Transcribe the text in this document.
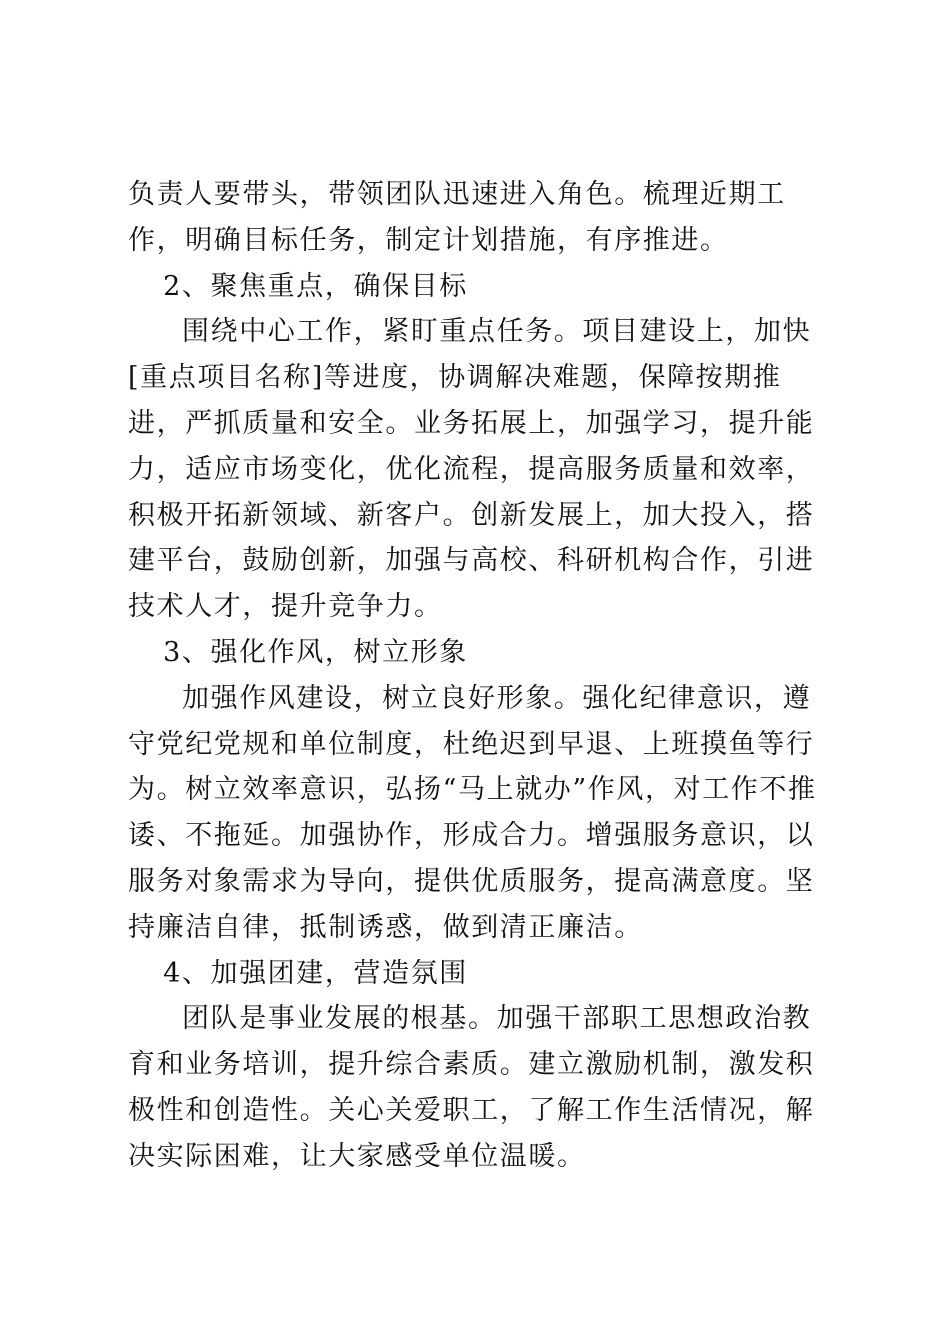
负责人要带头，带领团队迅速进入角色。梳理近期工作，明确目标任务，制定计划措施，有序推进。

2、聚焦重点，确保目标

围绕中心工作，紧盯重点任务。项目建设上，加快[重点项目名称]等进度，协调解决难题，保障按期推进，严抓质量和安全。业务拓展上，加强学习，提升能力，适应市场变化，优化流程，提高服务质量和效率，积极开拓新领域、新客户。创新发展上，加大投入，搭建平台，鼓励创新，加强与高校、科研机构合作，引进技术人才，提升竞争力。

3、强化作风，树立形象

加强作风建设，树立良好形象。强化纪律意识，遵守党纪党规和单位制度，杜绝迟到早退、上班摸鱼等行为。树立效率意识，弘扬“马上就办”作风，对工作不推诿、不拖延。加强协作，形成合力。增强服务意识，以服务对象需求为导向，提供优质服务，提高满意度。坚持廉洁自律，抵制诱惑，做到清正廉洁。

4、加强团建，营造氛围

团队是事业发展的根基。加强干部职工思想政治教育和业务培训，提升综合素质。建立激励机制，激发积极性和创造性。关心关爱职工，了解工作生活情况，解决实际困难，让大家感受单位温暖。
